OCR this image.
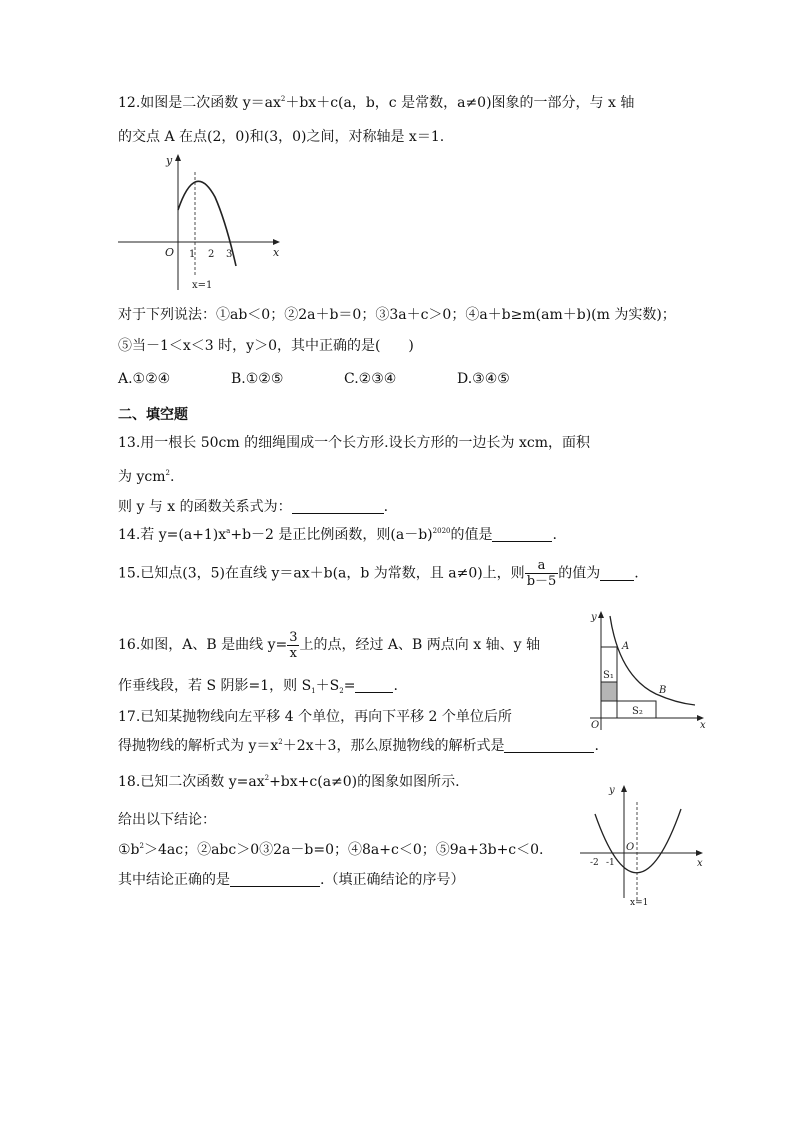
12.如图是二次函数 $y=ax^2+bx+c(a$，b，c 是常数，a≠0)图象的一部分，与 x 轴
的交点 A 在点(2，0)和(3，0)之间，对称轴是 x＝1.
y
x
O 1 2 3
x=1
对于下列说法：①ab＜0；②2a＋b＝0；③3a＋c＞0；④a＋b≥m(am＋b)(m 为实数)；
⑤当－1＜x＜3 时，y＞0，其中正确的是(　　)
A.①②④	B.①②⑤	C.②③④	D.③④⑤
二、填空题
13.用一根长 50cm 的细绳围成一个长方形.设长方形的一边长为 xcm，面积
为 ycm$^2$.
则 y 与 x 的函数关系式为：	.
14.若 $y=(a+1)x^a+b-2$ 是正比例函数，则$(a-b)^{2020}$的值是	.
15.已知点(3，5)在直线 y＝ax＋b(a，b 为常数，且 a≠0)上，则 $\frac{a}{b-5}$ 的值为 .
16.如图，A、B 是曲线 $y= \frac{3}{x}$ 上的点，经过 A、B 两点向 x 轴、y 轴
作垂线段，若 S 阴影=1，则 $S_1+S_2=$	.
y
x
O
A
B
S₁
S₂
17.已知某抛物线向左平移 4 个单位，再向下平移 2 个单位后所
得抛物线的解析式为 $y=x^2+2x+3$，那么原抛物线的解析式是	.
18.已知二次函数 $y=ax^2+bx+c(a\ne 0)$的图象如图所示.
给出以下结论：
$①b^2>4ac$；②abc＞0③2a－b=0；④8a+c＜0；⑤9a+3b+c＜0.
其中结论正确的是	.（填正确结论的序号）
y
x
O
-2 -1
x=1
